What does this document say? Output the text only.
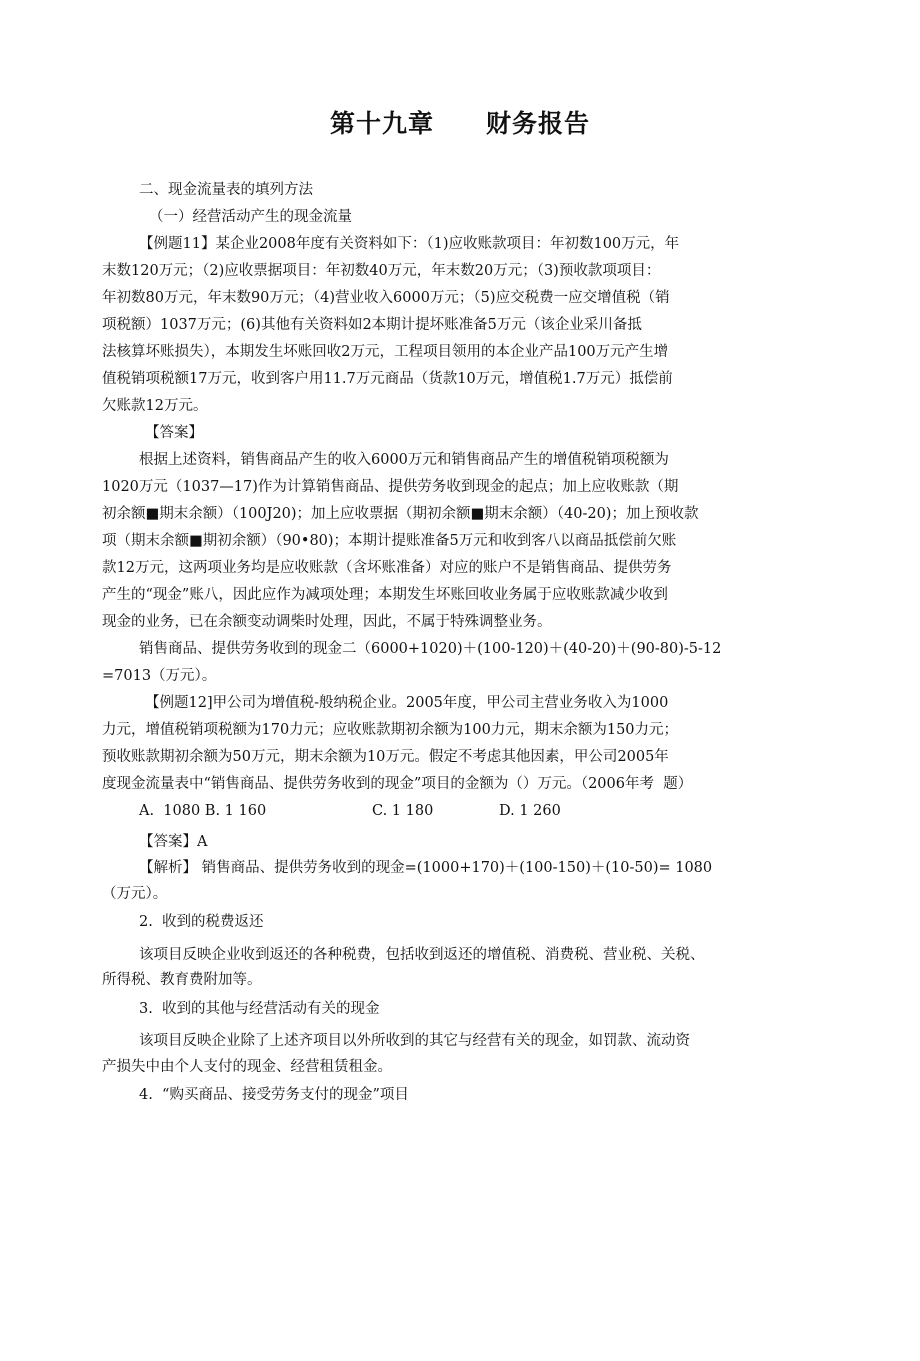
第十九章　　财务报告
二、现金流量表的填列方法
（一）经营活动产生的现金流量
【例题11】某企业2008年度有关资料如下：（1)应收账款项目：年初数100万元，年
末数120万元；（2)应收票据项目：年初数40万元，年末数20万元；（3)预收款项项目：
年初数80万元，年末数90万元；（4)营业收入6000万元；（5)应交税费一应交增值税（销
项税额）1037万元；(6)其他有关资料如2本期计提坏账准备5万元（该企业采川备抵
法核算坏账损失），本期发生坏账回收2万元，工程项目领用的本企业产品100万元产生增
值税销项税额17万元，收到客户用11.7万元商品（货款10万元，增值税1.7万元）抵偿前
欠账款12万元。
【答案】
根据上述资料，销售商品产生的收入6000万元和销售商品产生的增值税销项税额为
1020万元（1037—17)作为计算销售商品、提供劳务收到现金的起点；加上应收账款（期
初余额■期末余额）（100J20)；加上应收票据（期初余额■期末余额）（40-20)；加上预收款
项（期末余额■期初余额）（90•80)；本期计提账准备5万元和收到客八以商品抵偿前欠账
款12万元，这两项业务均是应收账款（含坏账准备）对应的账户不是销售商品、提供劳务
产生的“现金”账八，因此应作为减项处理；本期发生坏账回收业务属于应收账款减少收到
现金的业务，已在余额变动调柴时处理，因此，不属于特殊调整业务。
销售商品、提供劳务收到的现金二（6000+1020)＋(100-120)＋(40-20)＋(90-80)-5-12
=7013（万元）。
【例题12]甲公司为增值税-般纳税企业。2005年度，甲公司主营业务收入为1000
力元，增值税销项税额为170力元；应收账款期初余额为100力元，期末余额为150力元；
预收账款期初余额为50万元，期末余额为10万元。假定不考虑其他因素，甲公司2005年
度现金流量表中“销售商品、提供劳务收到的现金”项目的金额为（）万元。（2006年考  题）
A.  1080 B. 1 160	C. 1 180	D. 1 260
【答案】A
【解析】 销售商品、提供劳务收到的现金=(1000+170)＋(100-150)＋(10-50)= 1080
（万元）。
2.  收到的税费返还
该项目反映企业收到返还的各种税费，包括收到返还的增值税、消费税、营业税、关税、
所得税、教育费附加等。
3.  收到的其他与经营活动有关的现金
该项目反映企业除了上述齐项目以外所收到的其它与经营有关的现金，如罚款、流动资
产损失中由个人支付的现金、经营租赁租金。
4.  “购买商品、接受劳务支付的现金”项目
